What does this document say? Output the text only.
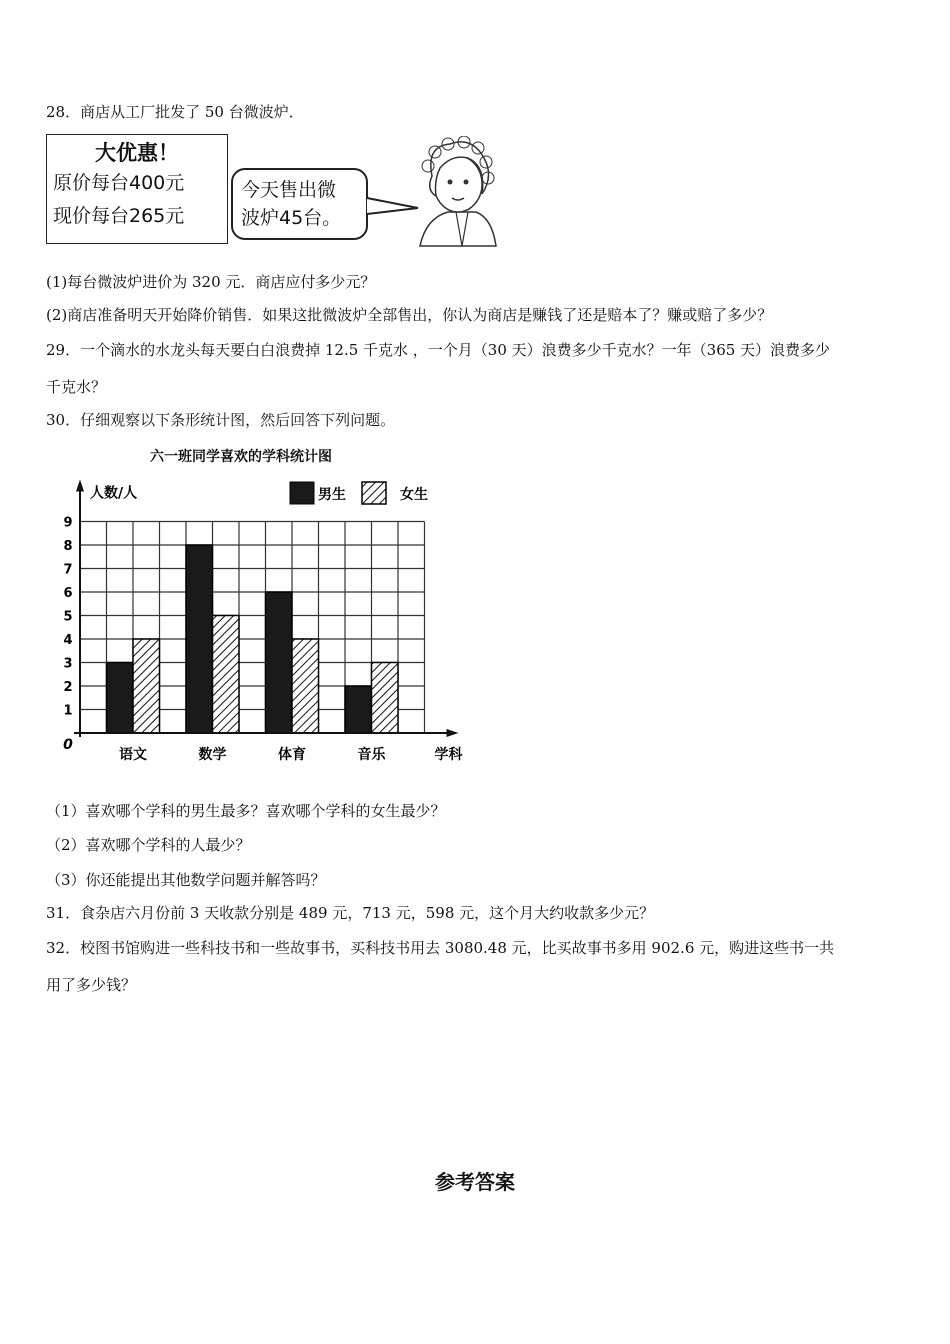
28．商店从工厂批发了 50 台微波炉．
大优惠！
原价每台400元
现价每台265元
今天售出微
波炉45台。
(1)每台微波炉进价为 320 元．商店应付多少元？
(2)商店准备明天开始降价销售．如果这批微波炉全部售出，你认为商店是赚钱了还是赔本了？赚或赔了多少？
29．一个滴水的水龙头每天要白白浪费掉 12.5 千克水 ，一个月（30 天）浪费多少千克水？一年（365 天）浪费多少
千克水？
30．仔细观察以下条形统计图，然后回答下列问题。
六一班同学喜欢的学科统计图
语文	数学	体育	音乐
1
2
3
4
5
6
7
8
9
0
人数/人
学科
男生	女生
（1）喜欢哪个学科的男生最多？喜欢哪个学科的女生最少？
（2）喜欢哪个学科的人最少？
（3）你还能提出其他数学问题并解答吗？
31．食杂店六月份前 3 天收款分别是 489 元，713 元，598 元，这个月大约收款多少元？
32．校图书馆购进一些科技书和一些故事书，买科技书用去 3080.48 元，比买故事书多用 902.6 元，购进这些书一共
用了多少钱？
参考答案
